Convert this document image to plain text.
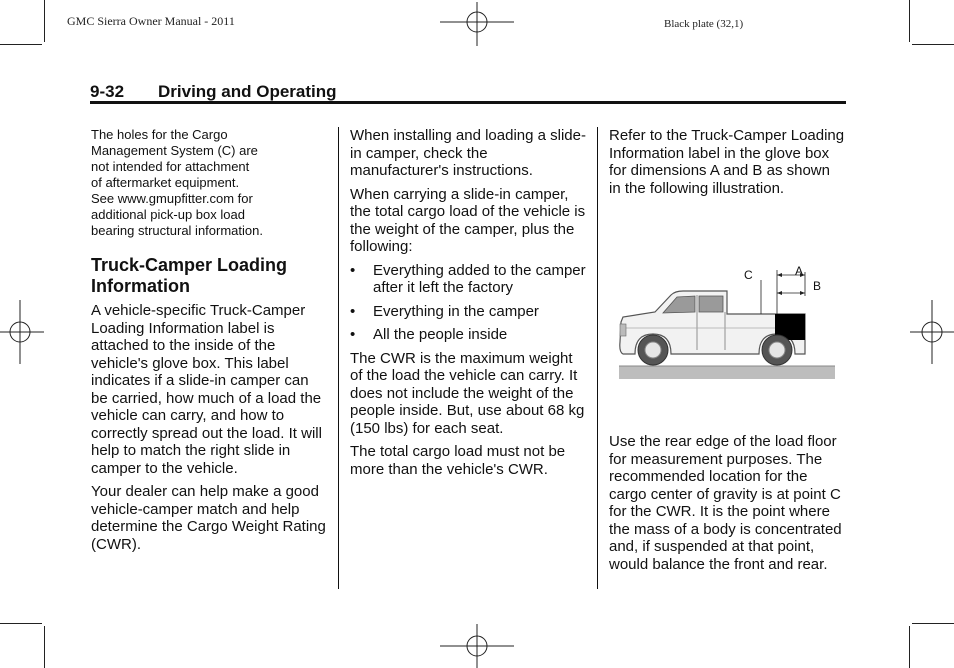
GMC Sierra Owner Manual - 2011	Black plate (32,1)
9-32 Driving and Operating

The holes for the Cargo

Management System (C) are

not intended for attachment

of aftermarket equipment.

See www.gmupfitter.com for

additional pick-up box load

bearing structural information.

Truck-Camper Loading Information

A vehicle-specific Truck-Camper Loading Information label is attached to the inside of the vehicle's glove box. This label indicates if a slide-in camper can be carried, how much of a load the vehicle can carry, and how to correctly spread out the load. It will help to match the right slide in camper to the vehicle.

Your dealer can help make a good vehicle-camper match and help determine the Cargo Weight Rating (CWR).

When installing and loading a slide-in camper, check the manufacturer's instructions.

When carrying a slide-in camper, the total cargo load of the vehicle is the weight of the camper, plus the following:

• Everything added to the camper after it left the factory
• Everything in the camper
• All the people inside

The CWR is the maximum weight of the load the vehicle can carry. It does not include the weight of the people inside. But, use about 68 kg (150 lbs) for each seat.

The total cargo load must not be more than the vehicle's CWR.

Refer to the Truck-Camper Loading Information label in the glove box for dimensions A and B as shown in the following illustration.

C	A
B

Use the rear edge of the load floor for measurement purposes. The recommended location for the cargo center of gravity is at point C for the CWR. It is the point where the mass of a body is concentrated and, if suspended at that point, would balance the front and rear.
